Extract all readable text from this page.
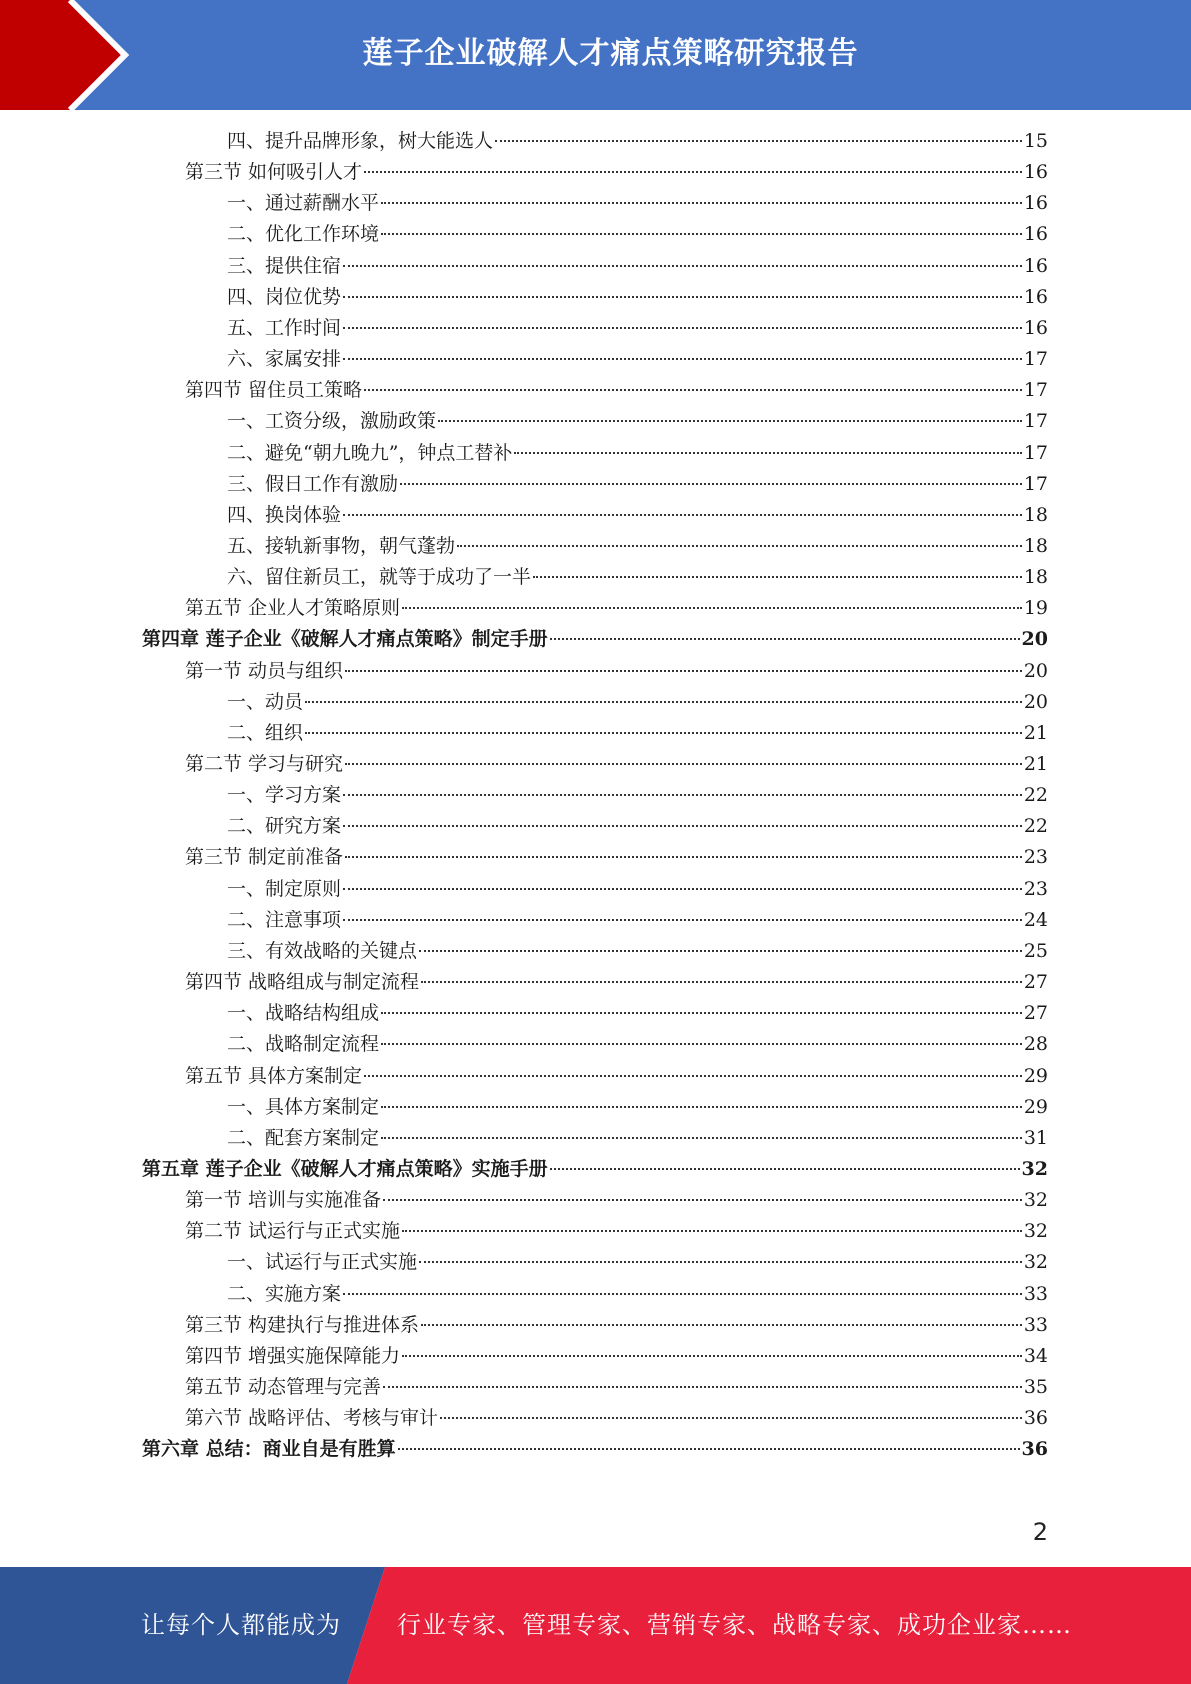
莲子企业破解人才痛点策略研究报告
四、提升品牌形象，树大能选人	15
第三节 如何吸引人才	16
一、通过薪酬水平	16
二、优化工作环境	16
三、提供住宿	16
四、岗位优势	16
五、工作时间	16
六、家属安排	17
第四节 留住员工策略	17
一、工资分级，激励政策	17
二、避免“朝九晚九”，钟点工替补	17
三、假日工作有激励	17
四、换岗体验	18
五、接轨新事物，朝气蓬勃	18
六、留住新员工，就等于成功了一半	18
第五节 企业人才策略原则	19
第四章 莲子企业《破解人才痛点策略》制定手册	20
第一节 动员与组织	20
一、动员	20
二、组织	21
第二节 学习与研究	21
一、学习方案	22
二、研究方案	22
第三节 制定前准备	23
一、制定原则	23
二、注意事项	24
三、有效战略的关键点	25
第四节 战略组成与制定流程	27
一、战略结构组成	27
二、战略制定流程	28
第五节 具体方案制定	29
一、具体方案制定	29
二、配套方案制定	31
第五章 莲子企业《破解人才痛点策略》实施手册	32
第一节 培训与实施准备	32
第二节 试运行与正式实施	32
一、试运行与正式实施	32
二、实施方案	33
第三节 构建执行与推进体系	33
第四节 增强实施保障能力	34
第五节 动态管理与完善	35
第六节 战略评估、考核与审计	36
第六章 总结：商业自是有胜算	36
2
让每个人都能成为 行业专家、管理专家、营销专家、战略专家、成功企业家……
